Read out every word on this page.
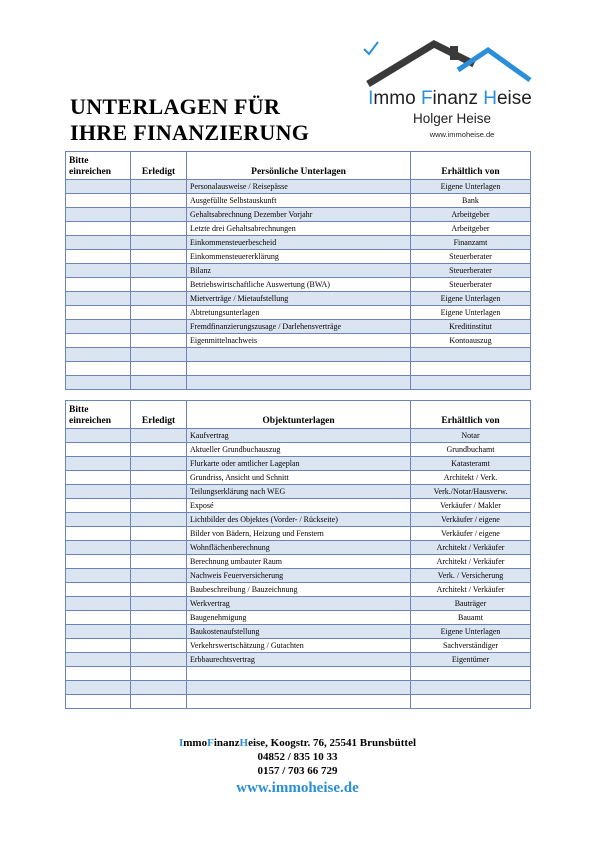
UNTERLAGEN FÜR
IHRE FINANZIERUNG
Immo Finanz Heise
Holger Heise
www.immoheise.de
Bitte einreichen	Erledigt	Persönliche Unterlagen	Erhältlich von
		Personalausweise / Reisepässe	Eigene Unterlagen
		Ausgefüllte Selbstauskunft	Bank
		Gehaltsabrechnung Dezember Vorjahr	Arbeitgeber
		Letzte drei Gehaltsabrechnungen	Arbeitgeber
		Einkommensteuerbescheid	Finanzamt
		Einkommensteuererklärung	Steuerberater
		Bilanz	Steuerberater
		Betriebswirtschaftliche Auswertung (BWA)	Steuerberater
		Mietverträge / Mietaufstellung	Eigene Unterlagen
		Abtretungsunterlagen	Eigene Unterlagen
		Fremdfinanzierungszusage / Darlehensverträge	Kreditinstitut
		Eigenmittelnachweis	Kontoauszug

Bitte einreichen	Erledigt	Objektunterlagen	Erhältlich von
		Kaufvertrag	Notar
		Aktueller Grundbuchauszug	Grundbuchamt
		Flurkarte oder amtlicher Lageplan	Katasteramt
		Grundriss, Ansicht und Schnitt	Architekt / Verk.
		Teilungserklärung nach WEG	Verk./Notar/Hausverw.
		Exposé	Verkäufer / Makler
		Lichtbilder des Objektes (Vorder- / Rückseite)	Verkäufer / eigene
		Bilder von Bädern, Heizung und Fenstern	Verkäufer / eigene
		Wohnflächenberechnung	Architekt / Verkäufer
		Berechnung umbauter Raum	Architekt / Verkäufer
		Nachweis Feuerversicherung	Verk. / Versicherung
		Baubeschreibung / Bauzeichnung	Architekt / Verkäufer
		Werkvertrag	Bauträger
		Baugenehmigung	Bauamt
		Baukostenaufstellung	Eigene Unterlagen
		Verkehrswertschätzung / Gutachten	Sachverständiger
		Erbbaurechtsvertrag	Eigentümer

ImmoFinanzHeise, Koogstr. 76, 25541 Brunsbüttel
04852 / 835 10 33
0157 / 703 66 729
www.immoheise.de
